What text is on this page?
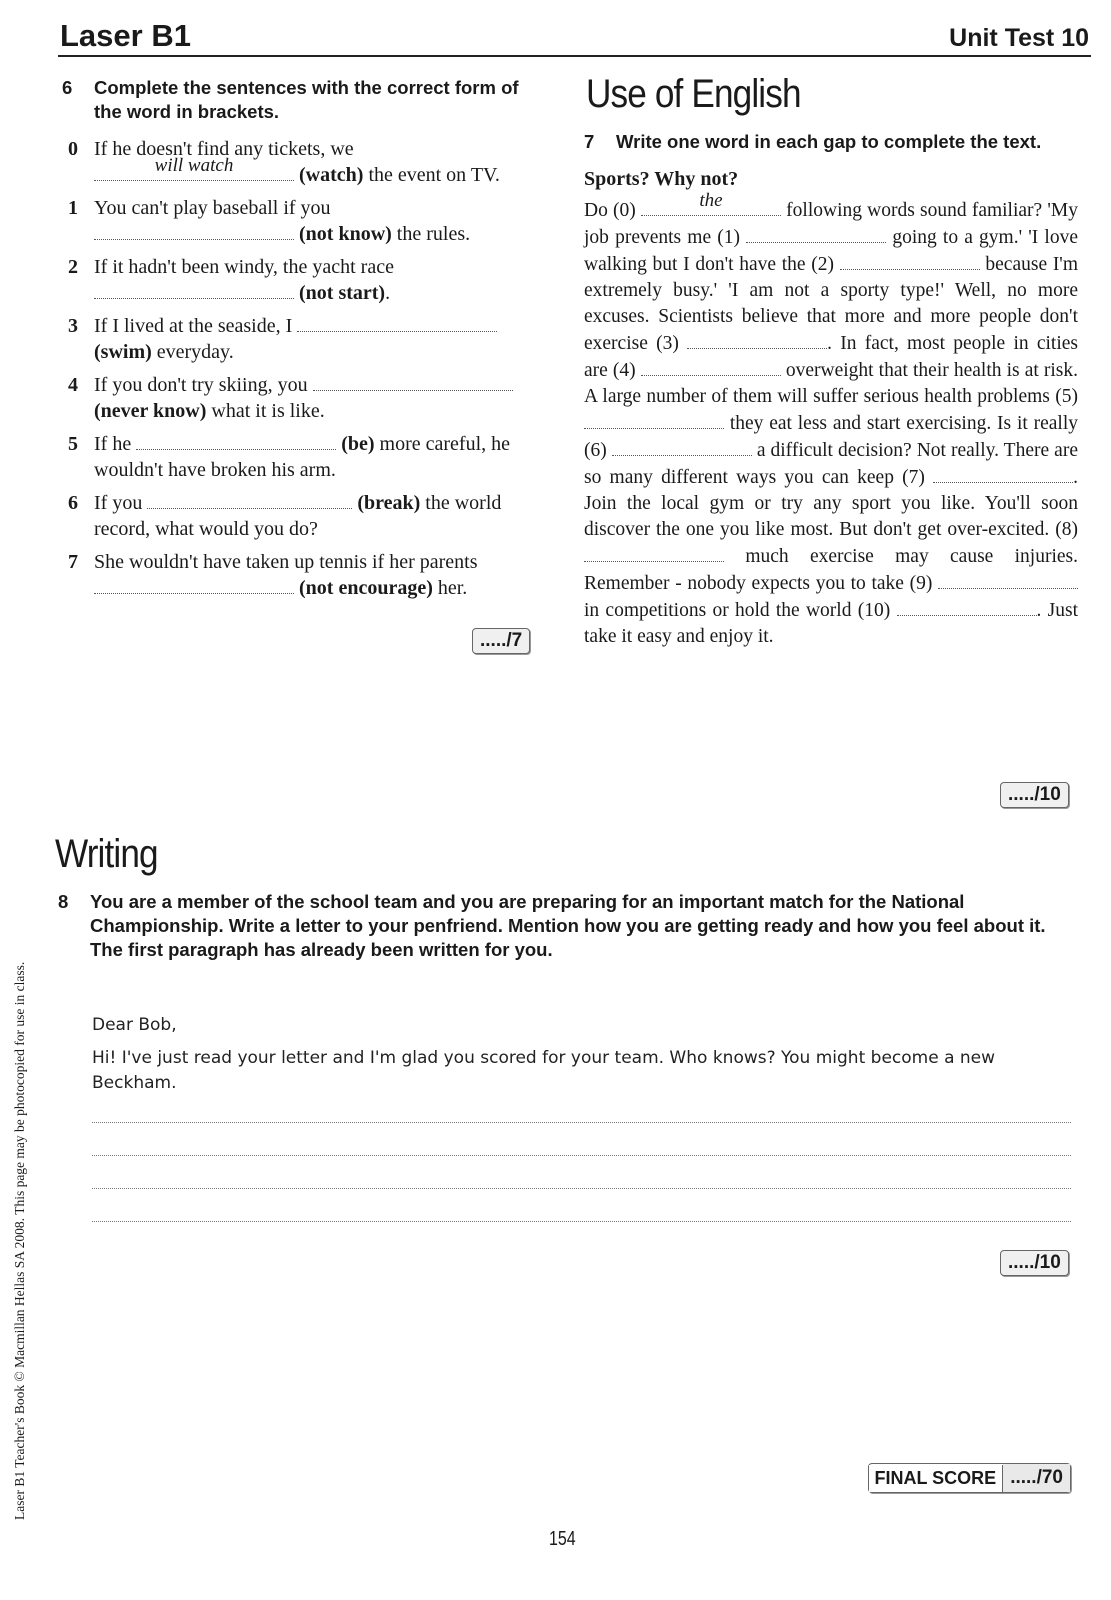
Laser B1	Unit Test 10
Laser B1 Teacher's Book © Macmillan Hellas SA 2008. This page may be photocopied for use in class.
6	Complete the sentences with the correct form of the word in brackets.
0 If he doesn't find any tickets, we

will watch	(watch) the event on TV.
1 You can't play baseball if you
(not know) the rules.
2 If it hadn't been windy, the yacht race
(not start).
3 If I lived at the seaside, I
(swim) everyday.
4 If you don't try skiing, you
(never know) what it is like.
5 If he	(be) more careful, he wouldn't have broken his arm.
6 If you	(break) the world record, what would you do?
7 She wouldn't have taken up tennis if her parents
(not encourage) her.
...../7
Use of English
7	Write one word in each gap to complete the text.
Sports? Why not?
Do (0)	the	following words sound familiar? 'My job prevents me (1)	going to a gym.' 'I love walking but I don't have the (2)	because I'm extremely busy.' 'I am not a sporty type!' Well, no more excuses. Scientists believe that more and more people don't exercise (3)	. In fact, most people in cities are (4)	overweight that their health is at risk. A large number of them will suffer serious health problems (5)  they eat less and start exercising. Is it really (6)	a difficult decision? Not really. There are so many different ways you can keep (7)	. Join the local gym or try any sport you like. You'll soon discover the one you like most. But don't get over-excited. (8)  much exercise may cause injuries. Remember - nobody expects you to take (9)  in competitions or hold the world (10)	. Just take it easy and enjoy it.
...../10
Writing
8	You are a member of the school team and you are preparing for an important match for the National Championship. Write a letter to your penfriend. Mention how you are getting ready and how you feel about it.
The first paragraph has already been written for you.
Dear Bob,
Hi! I've just read your letter and I'm glad you scored for your team. Who knows? You might become a new Beckham.
...../10
FINAL SCORE ...../70
154
